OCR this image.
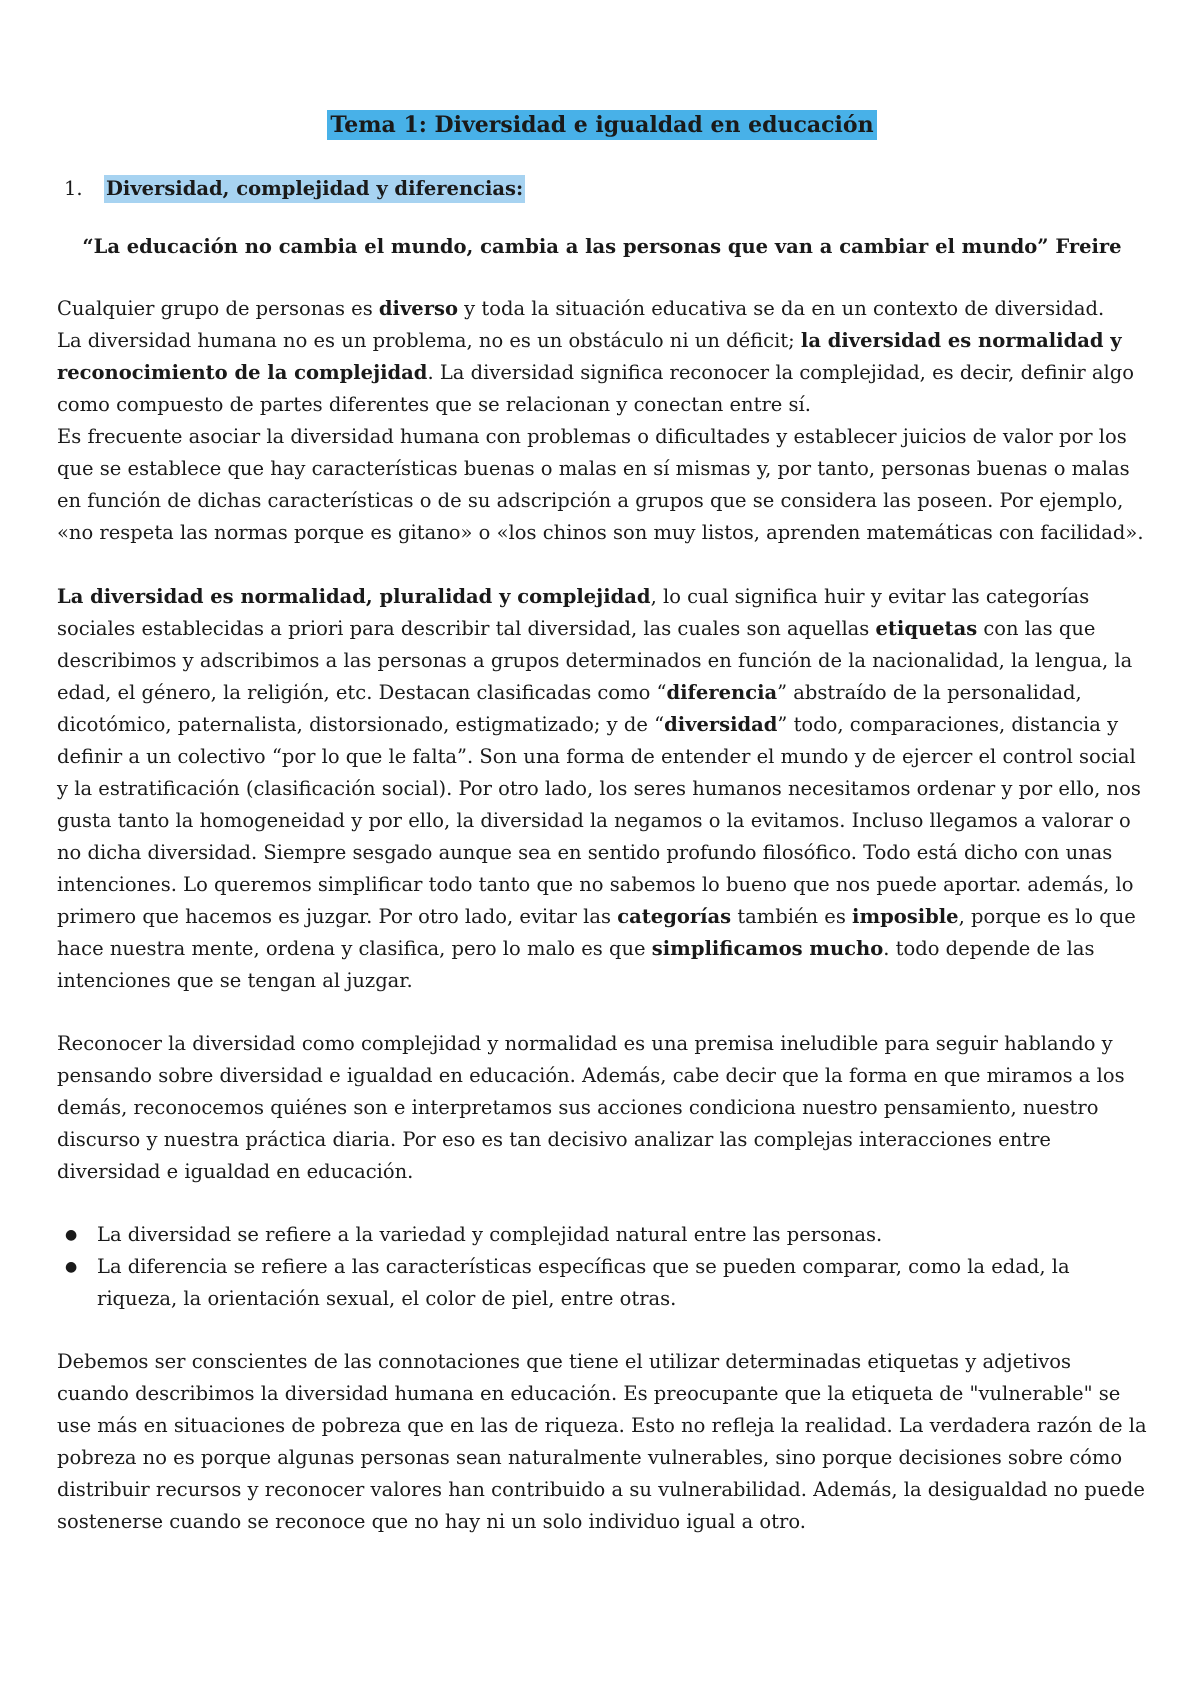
Tema 1: Diversidad e igualdad en educación
1.	Diversidad, complejidad y diferencias:
“La educación no cambia el mundo, cambia a las personas que van a cambiar el mundo” Freire

Cualquier grupo de personas es diverso y toda la situación educativa se da en un contexto de diversidad.

La diversidad humana no es un problema, no es un obstáculo ni un déficit; la diversidad es normalidad y reconocimiento de la complejidad. La diversidad significa reconocer la complejidad, es decir, definir algo como compuesto de partes diferentes que se relacionan y conectan entre sí.

Es frecuente asociar la diversidad humana con problemas o dificultades y establecer juicios de valor por los que se establece que hay características buenas o malas en sí mismas y, por tanto, personas buenas o malas en función de dichas características o de su adscripción a grupos que se considera las poseen. Por ejemplo, «no respeta las normas porque es gitano» o «los chinos son muy listos, aprenden matemáticas con facilidad».

La diversidad es normalidad, pluralidad y complejidad, lo cual significa huir y evitar las categorías sociales establecidas a priori para describir tal diversidad, las cuales son aquellas etiquetas con las que describimos y adscribimos a las personas a grupos determinados en función de la nacionalidad, la lengua, la edad, el género, la religión, etc. Destacan clasificadas como “diferencia” abstraído de la personalidad, dicotómico, paternalista, distorsionado, estigmatizado; y de “diversidad” todo, comparaciones, distancia y definir a un colectivo “por lo que le falta”. Son una forma de entender el mundo y de ejercer el control social y la estratificación (clasificación social). Por otro lado, los seres humanos necesitamos ordenar y por ello, nos gusta tanto la homogeneidad y por ello, la diversidad la negamos o la evitamos. Incluso llegamos a valorar o no dicha diversidad. Siempre sesgado aunque sea en sentido profundo filosófico. Todo está dicho con unas intenciones. Lo queremos simplificar todo tanto que no sabemos lo bueno que nos puede aportar. además, lo primero que hacemos es juzgar. Por otro lado, evitar las categorías también es imposible, porque es lo que hace nuestra mente, ordena y clasifica, pero lo malo es que simplificamos mucho. todo depende de las intenciones que se tengan al juzgar.

Reconocer la diversidad como complejidad y normalidad es una premisa ineludible para seguir hablando y pensando sobre diversidad e igualdad en educación. Además, cabe decir que la forma en que miramos a los demás, reconocemos quiénes son e interpretamos sus acciones condiciona nuestro pensamiento, nuestro discurso y nuestra práctica diaria. Por eso es tan decisivo analizar las complejas interacciones entre diversidad e igualdad en educación.

●	La diversidad se refiere a la variedad y complejidad natural entre las personas.
●	La diferencia se refiere a las características específicas que se pueden comparar, como la edad, la riqueza, la orientación sexual, el color de piel, entre otras.

Debemos ser conscientes de las connotaciones que tiene el utilizar determinadas etiquetas y adjetivos cuando describimos la diversidad humana en educación. Es preocupante que la etiqueta de "vulnerable" se use más en situaciones de pobreza que en las de riqueza. Esto no refleja la realidad. La verdadera razón de la pobreza no es porque algunas personas sean naturalmente vulnerables, sino porque decisiones sobre cómo distribuir recursos y reconocer valores han contribuido a su vulnerabilidad. Además, la desigualdad no puede sostenerse cuando se reconoce que no hay ni un solo individuo igual a otro.
